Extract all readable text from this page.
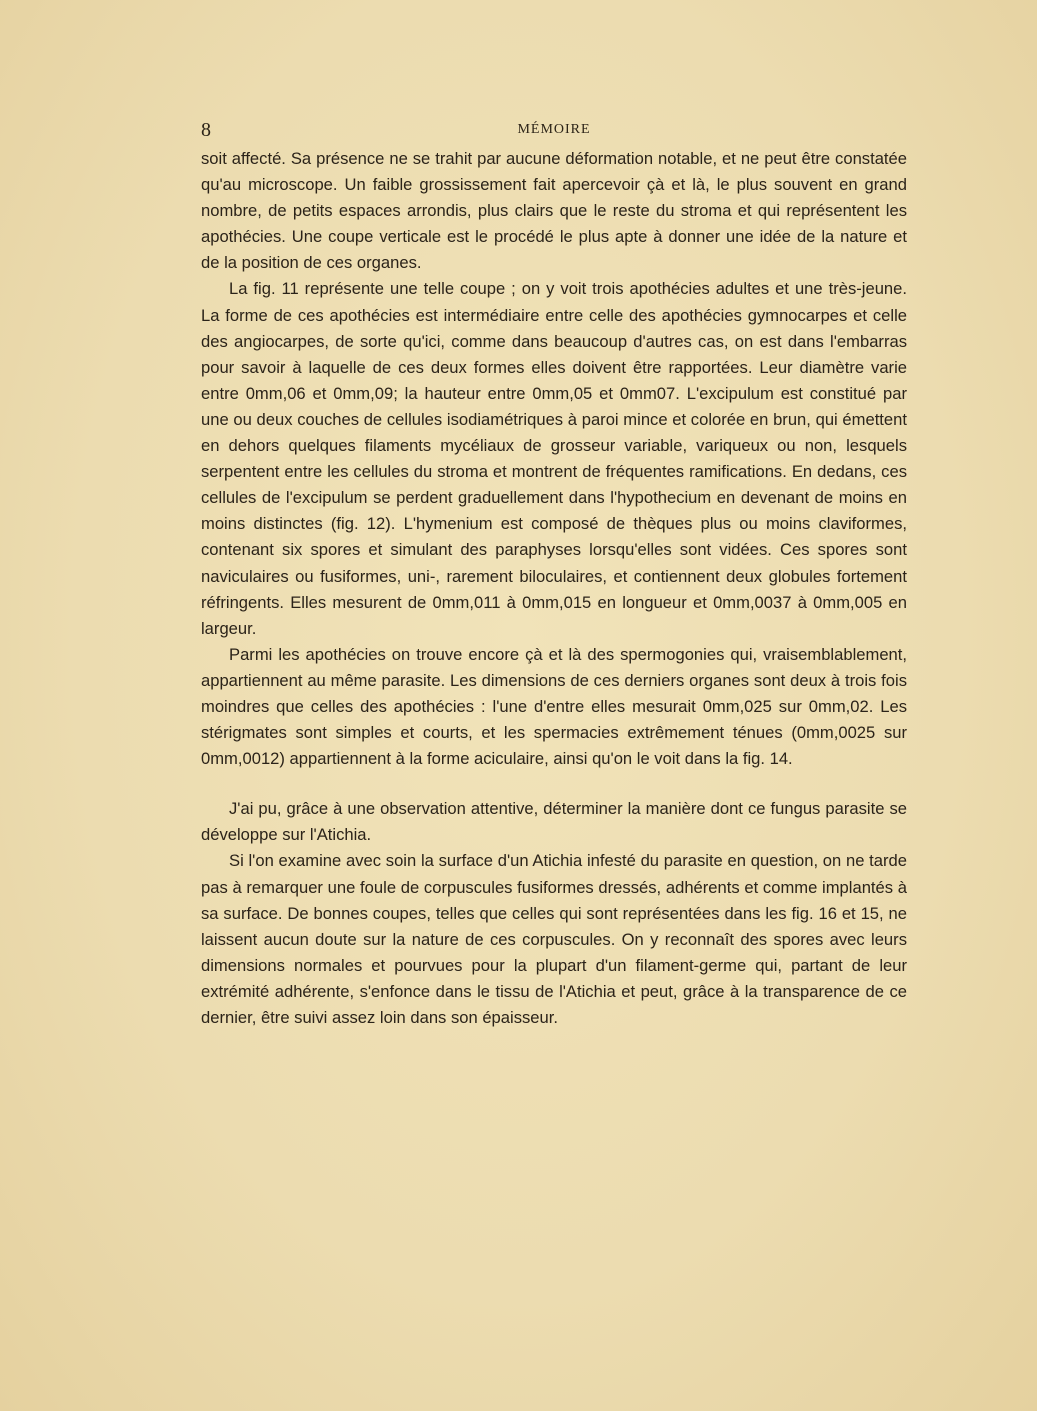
8	MÉMOIRE

soit affecté. Sa présence ne se trahit par aucune déformation notable, et ne peut être constatée qu'au microscope. Un faible grossissement fait apercevoir çà et là, le plus souvent en grand nombre, de petits espaces arrondis, plus clairs que le reste du stroma et qui représentent les apothécies. Une coupe verticale est le procédé le plus apte à donner une idée de la nature et de la position de ces organes.

La fig. 11 représente une telle coupe ; on y voit trois apothécies adultes et une très-jeune. La forme de ces apothécies est intermédiaire entre celle des apothécies gymnocarpes et celle des angiocarpes, de sorte qu'ici, comme dans beaucoup d'autres cas, on est dans l'embarras pour savoir à laquelle de ces deux formes elles doivent être rapportées. Leur diamètre varie entre 0mm,06 et 0mm,09; la hauteur entre 0mm,05 et 0mm07. L'excipulum est constitué par une ou deux couches de cellules isodiamétriques à paroi mince et colorée en brun, qui émettent en dehors quelques filaments mycéliaux de grosseur variable, variqueux ou non, lesquels serpentent entre les cellules du stroma et montrent de fréquentes ramifications. En dedans, ces cellules de l'excipulum se perdent graduellement dans l'hypothecium en devenant de moins en moins distinctes (fig. 12). L'hymenium est composé de thèques plus ou moins claviformes, contenant six spores et simulant des paraphyses lorsqu'elles sont vidées. Ces spores sont naviculaires ou fusiformes, uni-, rarement biloculaires, et contiennent deux globules fortement réfringents. Elles mesurent de 0mm,011 à 0mm,015 en longueur et 0mm,0037 à 0mm,005 en largeur.

Parmi les apothécies on trouve encore çà et là des spermogonies qui, vraisemblablement, appartiennent au même parasite. Les dimensions de ces derniers organes sont deux à trois fois moindres que celles des apothécies : l'une d'entre elles mesurait 0mm,025 sur 0mm,02. Les stérigmates sont simples et courts, et les spermacies extrêmement ténues (0mm,0025 sur 0mm,0012) appartiennent à la forme aciculaire, ainsi qu'on le voit dans la fig. 14.

J'ai pu, grâce à une observation attentive, déterminer la manière dont ce fungus parasite se développe sur l'Atichia.

Si l'on examine avec soin la surface d'un Atichia infesté du parasite en question, on ne tarde pas à remarquer une foule de corpuscules fusiformes dressés, adhérents et comme implantés à sa surface. De bonnes coupes, telles que celles qui sont représentées dans les fig. 16 et 15, ne laissent aucun doute sur la nature de ces corpuscules. On y reconnaît des spores avec leurs dimensions normales et pourvues pour la plupart d'un filament-germe qui, partant de leur extrémité adhérente, s'enfonce dans le tissu de l'Atichia et peut, grâce à la transparence de ce dernier, être suivi assez loin dans son épaisseur.
